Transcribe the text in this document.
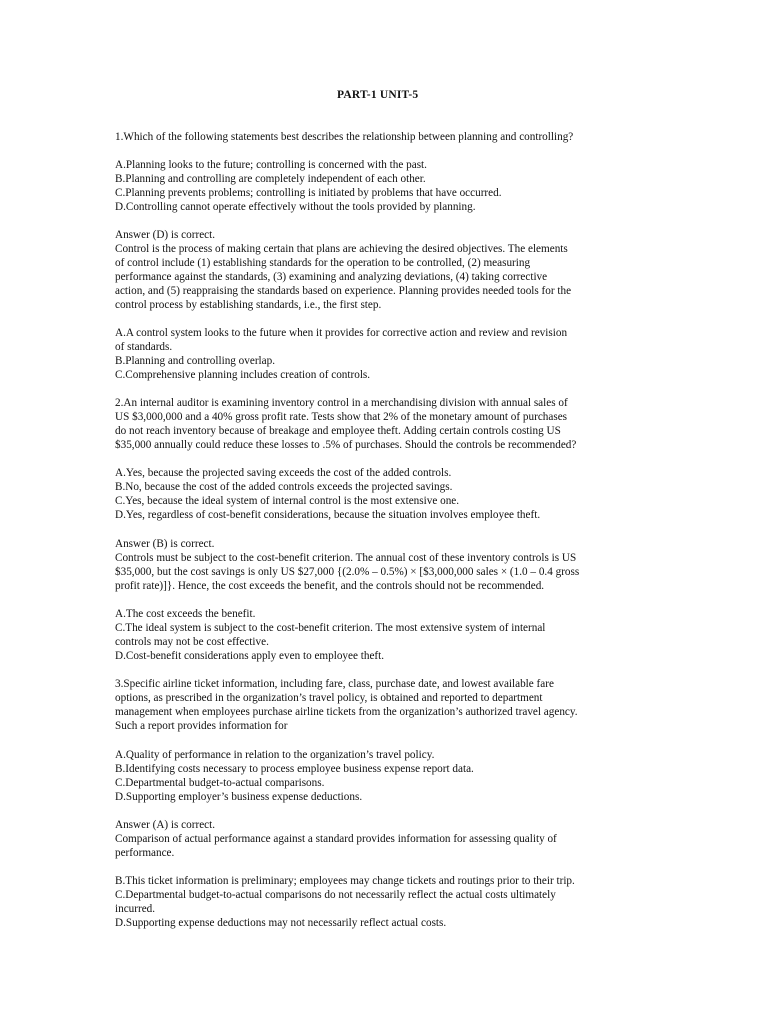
PART-1 UNIT-5

1.Which of the following statements best describes the relationship between planning and controlling?

A.Planning looks to the future; controlling is concerned with the past.

B.Planning and controlling are completely independent of each other.

C.Planning prevents problems; controlling is initiated by problems that have occurred.

D.Controlling cannot operate effectively without the tools provided by planning.

Answer (D) is correct.

Control is the process of making certain that plans are achieving the desired objectives. The elements

of control include (1) establishing standards for the operation to be controlled, (2) measuring

performance against the standards, (3) examining and analyzing deviations, (4) taking corrective

action, and (5) reappraising the standards based on experience. Planning provides needed tools for the

control process by establishing standards, i.e., the first step.

A.A control system looks to the future when it provides for corrective action and review and revision

of standards.

B.Planning and controlling overlap.

C.Comprehensive planning includes creation of controls.

2.An internal auditor is examining inventory control in a merchandising division with annual sales of

US $3,000,000 and a 40% gross profit rate. Tests show that 2% of the monetary amount of purchases

do not reach inventory because of breakage and employee theft. Adding certain controls costing US

$35,000 annually could reduce these losses to .5% of purchases. Should the controls be recommended?

A.Yes, because the projected saving exceeds the cost of the added controls.

B.No, because the cost of the added controls exceeds the projected savings.

C.Yes, because the ideal system of internal control is the most extensive one.

D.Yes, regardless of cost-benefit considerations, because the situation involves employee theft.

Answer (B) is correct.

Controls must be subject to the cost-benefit criterion. The annual cost of these inventory controls is US

$35,000, but the cost savings is only US $27,000 {(2.0% – 0.5%) × [$3,000,000 sales × (1.0 – 0.4 gross

profit rate)]}. Hence, the cost exceeds the benefit, and the controls should not be recommended.

A.The cost exceeds the benefit.

C.The ideal system is subject to the cost-benefit criterion. The most extensive system of internal

controls may not be cost effective.

D.Cost-benefit considerations apply even to employee theft.

3.Specific airline ticket information, including fare, class, purchase date, and lowest available fare

options, as prescribed in the organization’s travel policy, is obtained and reported to department

management when employees purchase airline tickets from the organization’s authorized travel agency.

Such a report provides information for

A.Quality of performance in relation to the organization’s travel policy.

B.Identifying costs necessary to process employee business expense report data.

C.Departmental budget-to-actual comparisons.

D.Supporting employer’s business expense deductions.

Answer (A) is correct.

Comparison of actual performance against a standard provides information for assessing quality of

performance.

B.This ticket information is preliminary; employees may change tickets and routings prior to their trip.

C.Departmental budget-to-actual comparisons do not necessarily reflect the actual costs ultimately

incurred.

D.Supporting expense deductions may not necessarily reflect actual costs.
